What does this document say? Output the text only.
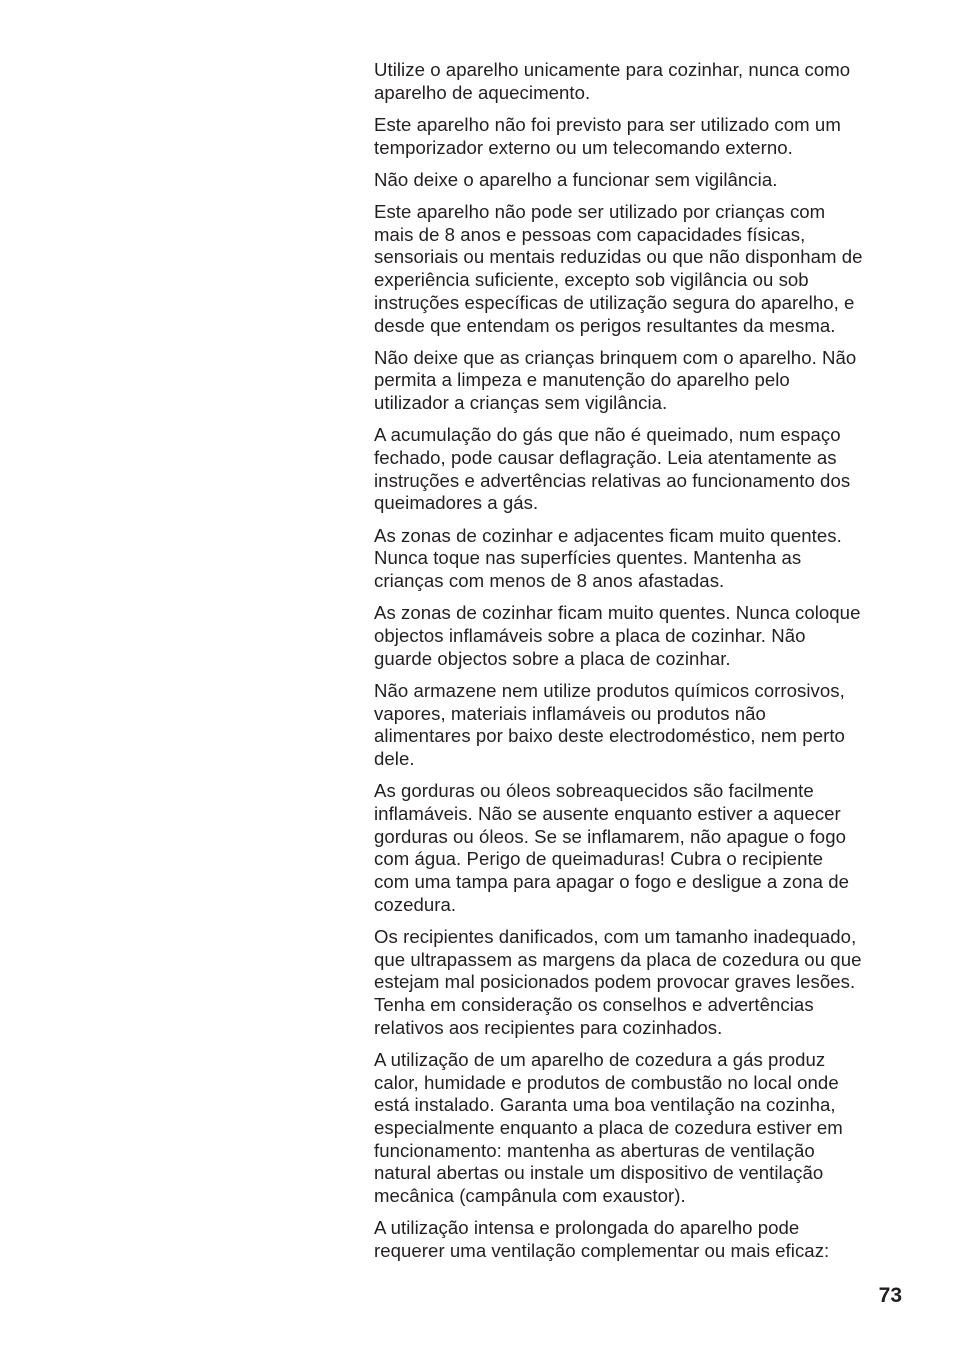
Utilize o aparelho unicamente para cozinhar, nunca como
aparelho de aquecimento.

Este aparelho não foi previsto para ser utilizado com um
temporizador externo ou um telecomando externo.

Não deixe o aparelho a funcionar sem vigilância.

Este aparelho não pode ser utilizado por crianças com
mais de 8 anos e pessoas com capacidades físicas,
sensoriais ou mentais reduzidas ou que não disponham de
experiência suficiente, excepto sob vigilância ou sob
instruções específicas de utilização segura do aparelho, e
desde que entendam os perigos resultantes da mesma.

Não deixe que as crianças brinquem com o aparelho. Não
permita a limpeza e manutenção do aparelho pelo
utilizador a crianças sem vigilância.

A acumulação do gás que não é queimado, num espaço
fechado, pode causar deflagração. Leia atentamente as
instruções e advertências relativas ao funcionamento dos
queimadores a gás.

As zonas de cozinhar e adjacentes ficam muito quentes.
Nunca toque nas superfícies quentes. Mantenha as
crianças com menos de 8 anos afastadas.

As zonas de cozinhar ficam muito quentes. Nunca coloque
objectos inflamáveis sobre a placa de cozinhar. Não
guarde objectos sobre a placa de cozinhar.

Não armazene nem utilize produtos químicos corrosivos,
vapores, materiais inflamáveis ou produtos não
alimentares por baixo deste electrodoméstico, nem perto
dele.

As gorduras ou óleos sobreaquecidos são facilmente
inflamáveis. Não se ausente enquanto estiver a aquecer
gorduras ou óleos. Se se inflamarem, não apague o fogo
com água. Perigo de queimaduras! Cubra o recipiente
com uma tampa para apagar o fogo e desligue a zona de
cozedura.

Os recipientes danificados, com um tamanho inadequado,
que ultrapassem as margens da placa de cozedura ou que
estejam mal posicionados podem provocar graves lesões.
Tenha em consideração os conselhos e advertências
relativos aos recipientes para cozinhados.

A utilização de um aparelho de cozedura a gás produz
calor, humidade e produtos de combustão no local onde
está instalado. Garanta uma boa ventilação na cozinha,
especialmente enquanto a placa de cozedura estiver em
funcionamento: mantenha as aberturas de ventilação
natural abertas ou instale um dispositivo de ventilação
mecânica (campânula com exaustor).

A utilização intensa e prolongada do aparelho pode
requerer uma ventilação complementar ou mais eficaz:

73
